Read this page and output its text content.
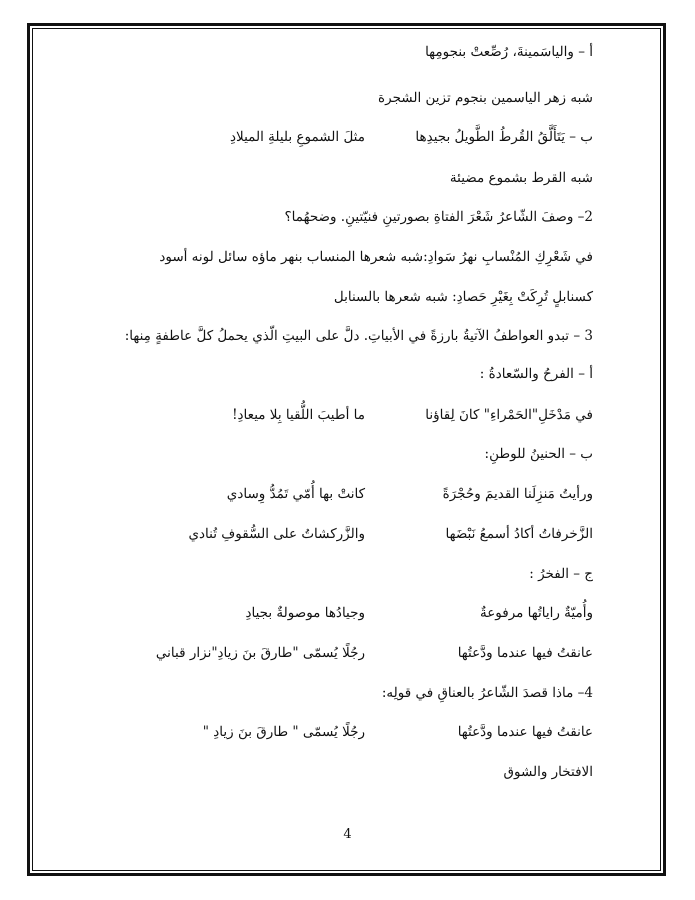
أ – والياسَمينةَ، رُصِّعتْ بنجومِها
شبه زهر الياسمين بنجوم تزين الشجرة
ب – يَتَأَلَّقُ القُرطُ الطَّويلُ بجيدِها
مثلَ الشموعِ بليلةِ الميلادِ
شبه القرط بشموع مضيئة
2– وصفَ الشّاعرُ شَعْرَ الفتاةِ بصورتينِ فنيّتينِ. وضحهُما؟
في شَعْرِكِ المُنْسابِ نهرُ سَوادِ:شبه شعرها المنساب بنهر ماؤه سائل لونه أسود
كسنابلٍ تُرِكَتْ بِغَيْرِ حَصادِ: شبه شعرها بالسنابل
3 – تبدو العواطفُ الآتيةُ بارزةً في الأبياتِ. دلَّ على البيتِ الّذي يحملُ كلَّ عاطفةٍ مِنها:
أ – الفرحُ والسّعادةُ :
في مَدْخَلِ"الحَمْراءِ" كانَ لِقاؤنا
ما أطيبَ اللُّقيا بِلا ميعادِ!
ب – الحنينُ للوطنِ:
ورأيتُ مَنزِلَنا القديمَ وحُجْرَةً
كانتْ بها أُمّي تَمُدُّ وِسادي
الزَّخرفاتُ أكادُ أسمعُ نَبْضَها
والزَّركشاتُ على السُّقوفِ تُنادي
ج – الفخرُ :
وأُميّةٌ راياتُها مرفوعةٌ
وجيادُها موصولةٌ بجيادِ
عانقتُ فيها عندما ودَّعتُها
رجُلًا يُسمّى "طارقَ بنَ زيادِ"نزار قباني
4– ماذا قصدَ الشّاعرُ بالعناقِ في قولِه:
عانقتُ فيها عندما ودَّعتُها
رجُلًا يُسمّى " طارقَ بنَ زيادِ "
الافتخار والشوق
4
